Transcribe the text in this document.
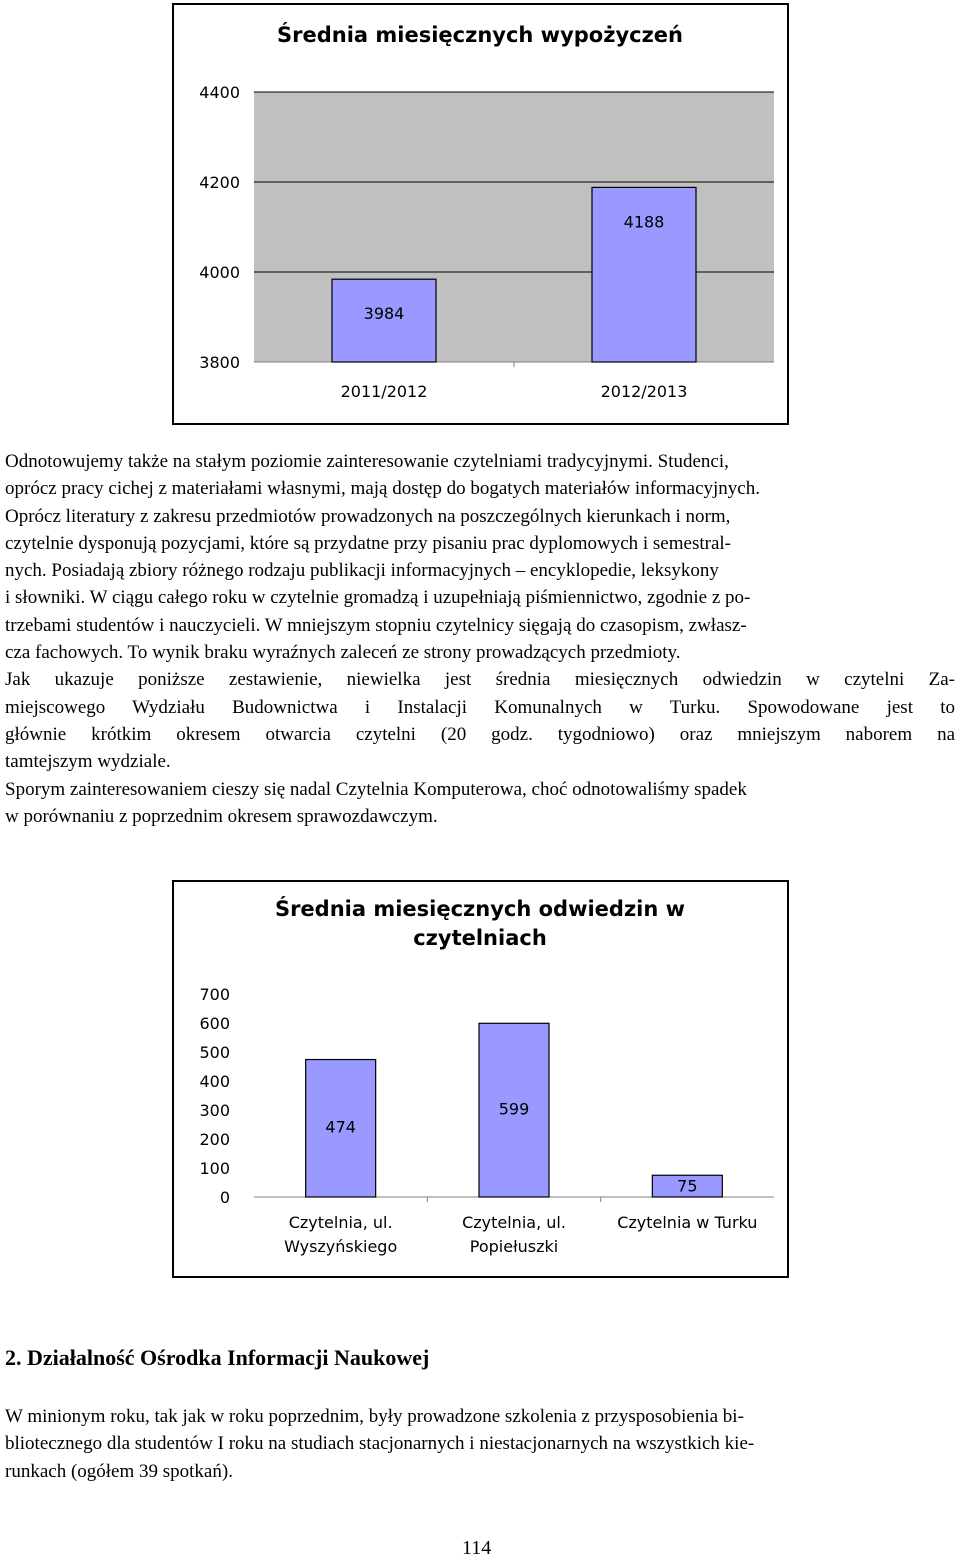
Średnia miesięcznych wypożyczeń
3800
4000
4200
4400
3984
2011/2012
4188
2012/2013
Odnotowujemy także na stałym poziomie zainteresowanie czytelniami tradycyjnymi. Studenci,
oprócz pracy cichej z materiałami własnymi, mają dostęp do bogatych materiałów informacyjnych.
Oprócz literatury z zakresu przedmiotów prowadzonych na poszczególnych kierunkach i norm,
czytelnie dysponują pozycjami, które są przydatne przy pisaniu prac dyplomowych i semestral-
nych. Posiadają zbiory różnego rodzaju publikacji informacyjnych – encyklopedie, leksykony
i słowniki. W ciągu całego roku w czytelnie gromadzą i uzupełniają piśmiennictwo, zgodnie z po-
trzebami studentów i nauczycieli. W mniejszym stopniu czytelnicy sięgają do czasopism, zwłasz-
cza fachowych. To wynik braku wyraźnych zaleceń ze strony prowadzących przedmioty.
Jak ukazuje poniższe zestawienie, niewielka jest średnia miesięcznych odwiedzin w czytelni Za-
miejscowego Wydziału Budownictwa i Instalacji Komunalnych w Turku. Spowodowane jest to
głównie krótkim okresem otwarcia czytelni (20 godz. tygodniowo) oraz mniejszym naborem na
tamtejszym wydziale.
Sporym zainteresowaniem cieszy się nadal Czytelnia Komputerowa, choć odnotowaliśmy spadek
w porównaniu z poprzednim okresem sprawozdawczym.
Średnia miesięcznych odwiedzin w
czytelniach
0
100
200
300
400
500
600
700
474
Czytelnia, ul.
Wyszyńskiego
599
Czytelnia, ul.
Popiełuszki
75
Czytelnia w Turku
2. Działalność Ośrodka Informacji Naukowej
W minionym roku, tak jak w roku poprzednim, były prowadzone szkolenia z przysposobienia bi-
bliotecznego dla studentów I roku na studiach stacjonarnych i niestacjonarnych na wszystkich kie-
runkach (ogółem 39 spotkań).
114
